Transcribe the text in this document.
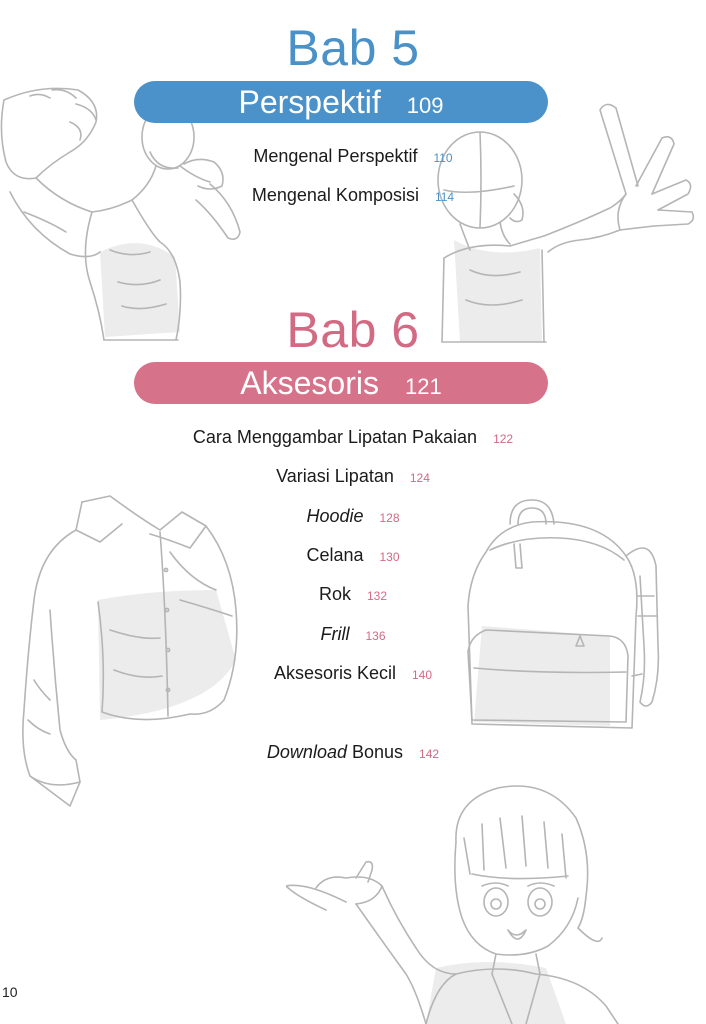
Bab 5
Perspektif 109
Mengenal Perspektif 110
Mengenal Komposisi 114
Bab 6
Aksesoris 121
Cara Menggambar Lipatan Pakaian 122
Variasi Lipatan 124
Hoodie 128
Celana 130
Rok 132
Frill 136
Aksesoris Kecil 140
Download Bonus 142
10
